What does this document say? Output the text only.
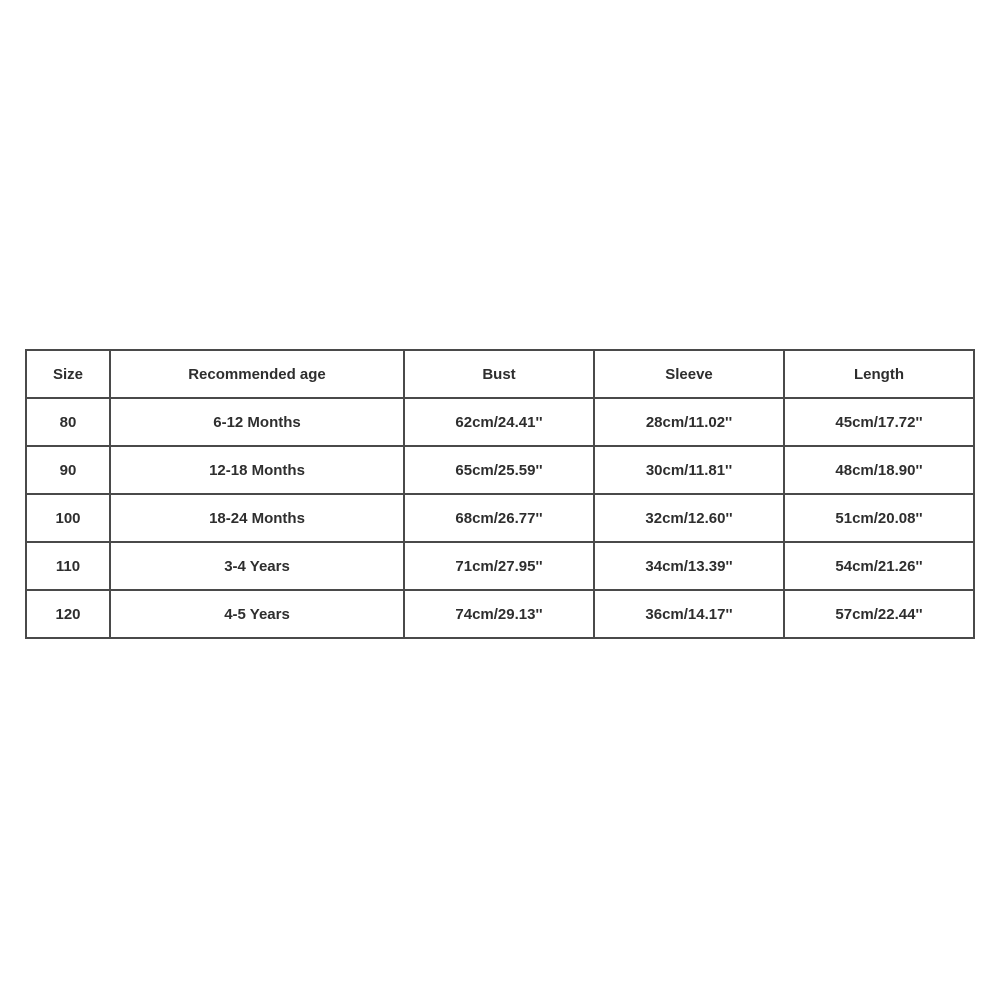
Size	Recommended age	Bust	Sleeve	Length
80	6-12 Months	62cm/24.41''	28cm/11.02''	45cm/17.72''
90	12-18 Months	65cm/25.59''	30cm/11.81''	48cm/18.90''
100	18-24 Months	68cm/26.77''	32cm/12.60''	51cm/20.08''
110	3-4 Years	71cm/27.95''	34cm/13.39''	54cm/21.26''
120	4-5 Years	74cm/29.13''	36cm/14.17''	57cm/22.44''
